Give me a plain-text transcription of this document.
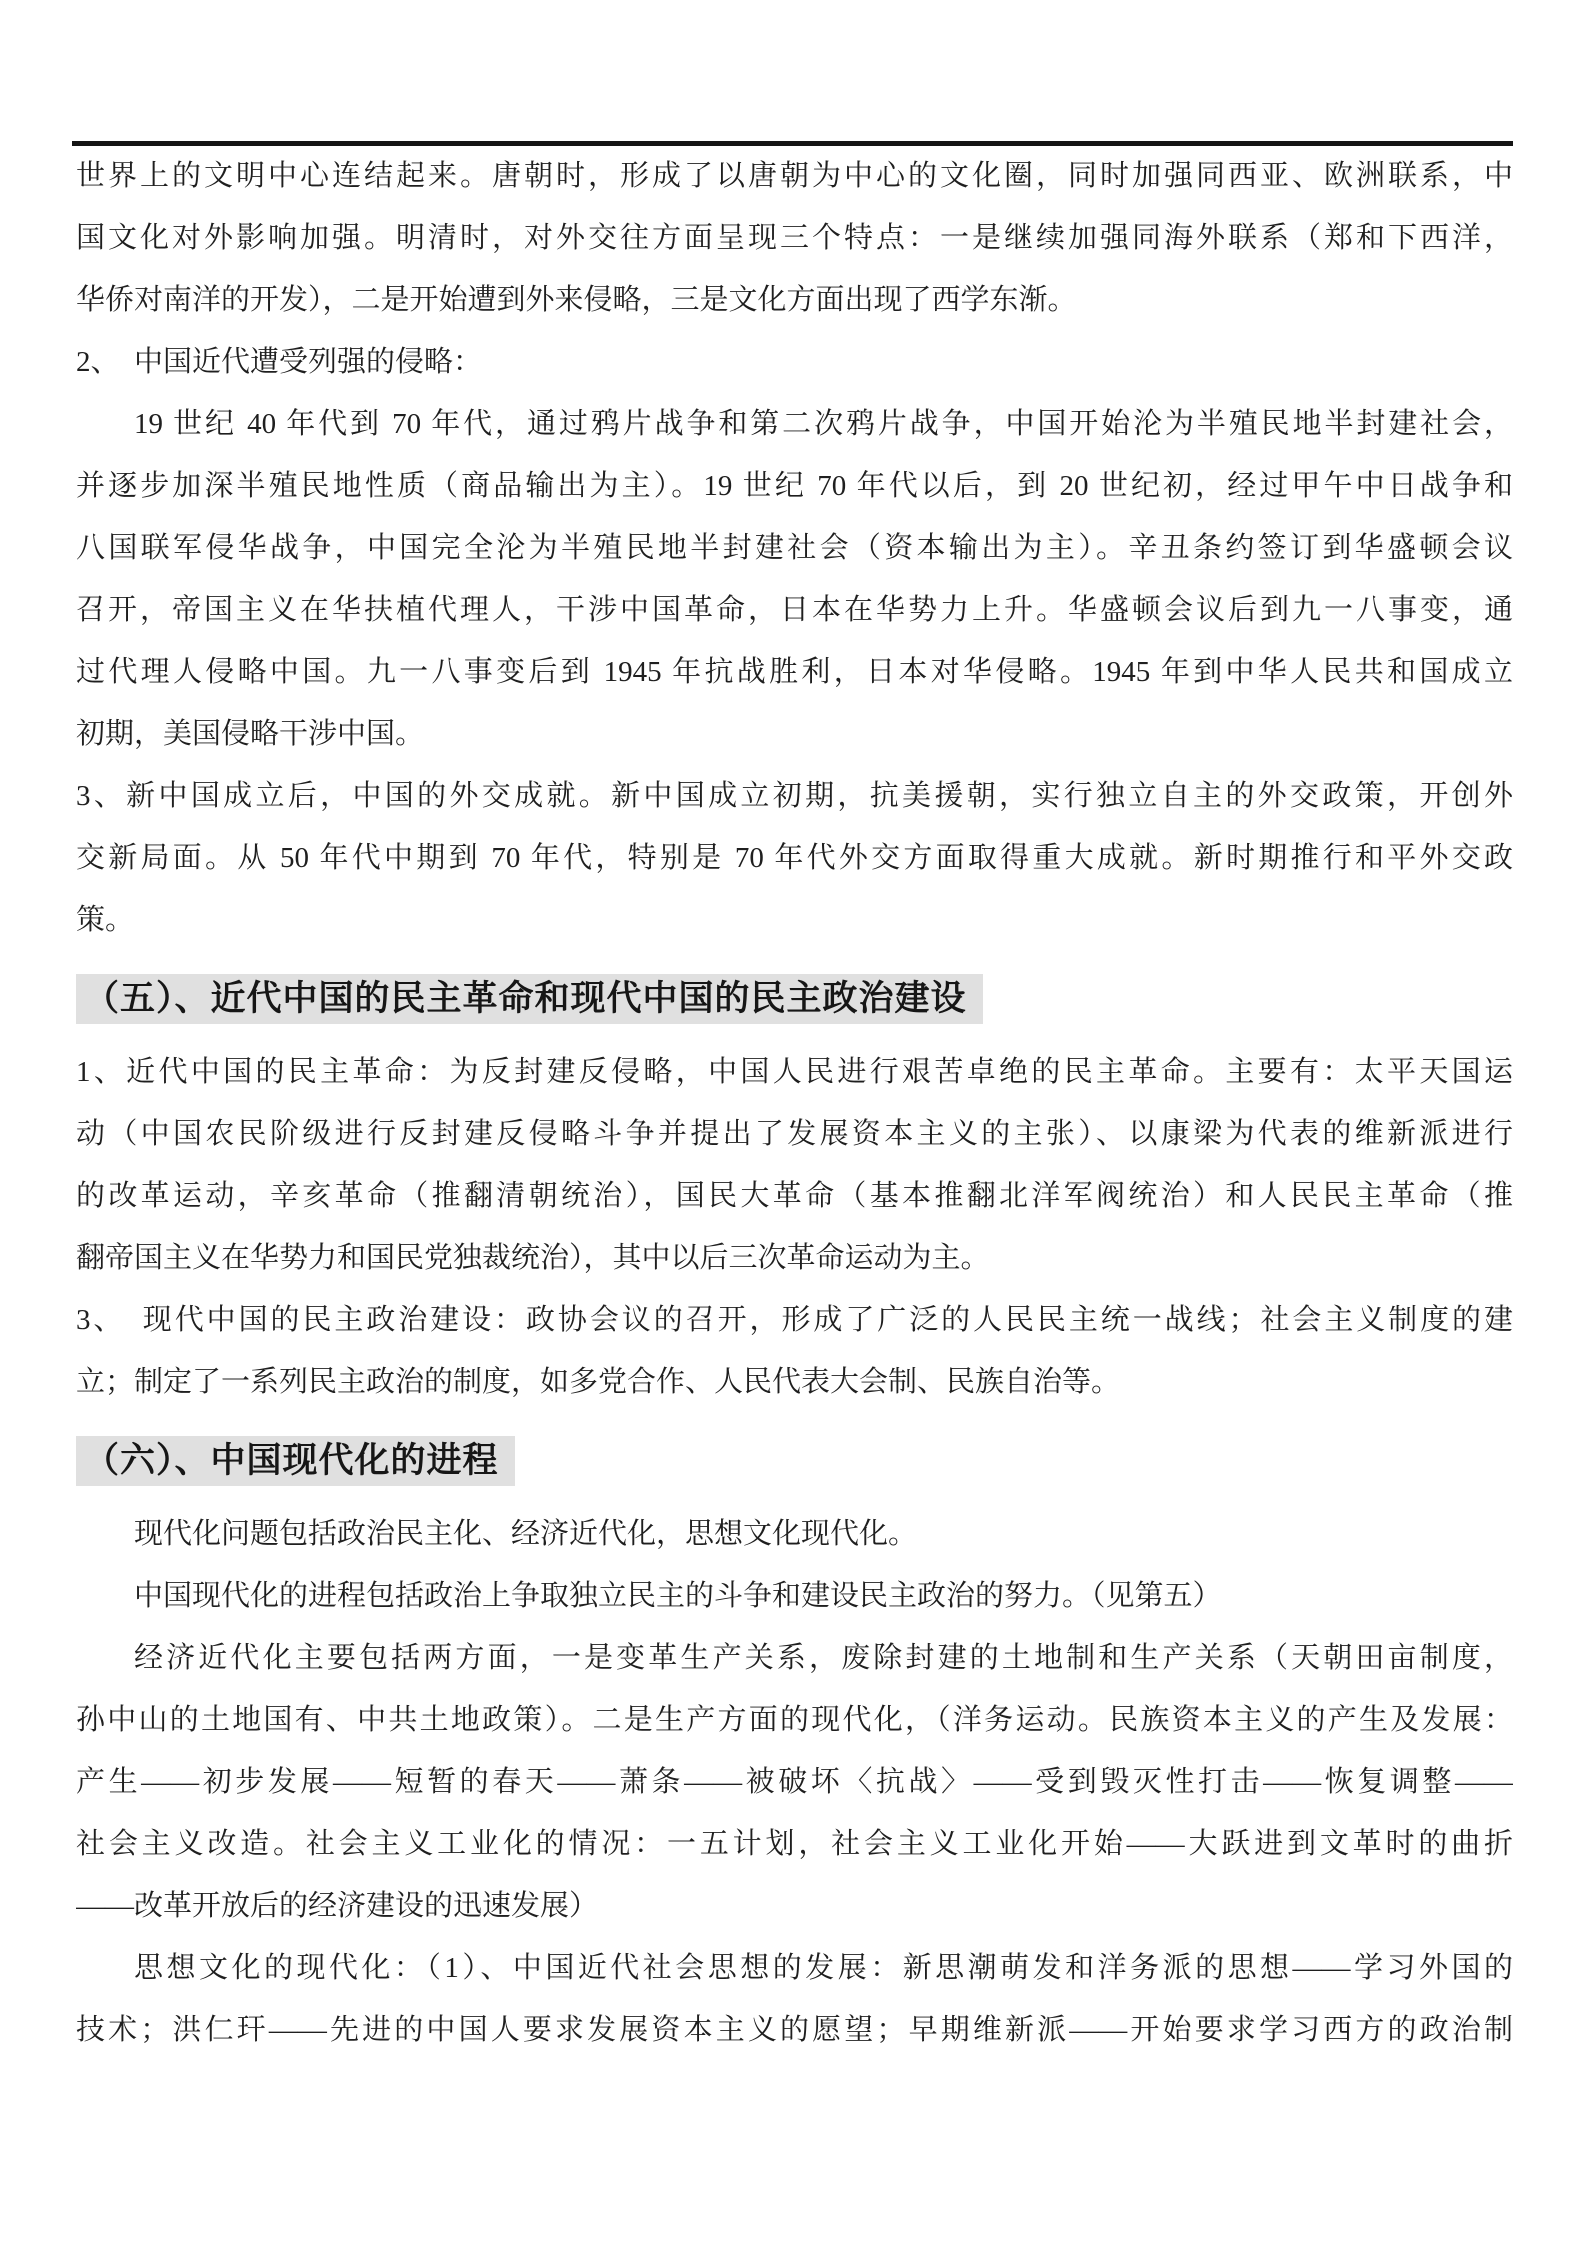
世界上的文明中心连结起来。唐朝时，形成了以唐朝为中心的文化圈，同时加强同西亚、欧洲联系，中
国文化对外影响加强。明清时，对外交往方面呈现三个特点：一是继续加强同海外联系（郑和下西洋，
华侨对南洋的开发），二是开始遭到外来侵略，三是文化方面出现了西学东渐。
2、　中国近代遭受列强的侵略：
19 世纪 40 年代到 70 年代，通过鸦片战争和第二次鸦片战争，中国开始沦为半殖民地半封建社会，
并逐步加深半殖民地性质（商品输出为主）。19 世纪 70 年代以后，到 20 世纪初，经过甲午中日战争和
八国联军侵华战争，中国完全沦为半殖民地半封建社会（资本输出为主）。辛丑条约签订到华盛顿会议
召开，帝国主义在华扶植代理人，干涉中国革命，日本在华势力上升。华盛顿会议后到九一八事变，通
过代理人侵略中国。九一八事变后到 1945 年抗战胜利，日本对华侵略。1945 年到中华人民共和国成立
初期，美国侵略干涉中国。
3、新中国成立后，中国的外交成就。新中国成立初期，抗美援朝，实行独立自主的外交政策，开创外
交新局面。从 50 年代中期到 70 年代，特别是 70 年代外交方面取得重大成就。新时期推行和平外交政
策。
（五）、近代中国的民主革命和现代中国的民主政治建设
1、近代中国的民主革命：为反封建反侵略，中国人民进行艰苦卓绝的民主革命。主要有：太平天国运
动（中国农民阶级进行反封建反侵略斗争并提出了发展资本主义的主张）、以康梁为代表的维新派进行
的改革运动，辛亥革命（推翻清朝统治），国民大革命（基本推翻北洋军阀统治）和人民民主革命（推
翻帝国主义在华势力和国民党独裁统治），其中以后三次革命运动为主。
3、　现代中国的民主政治建设：政协会议的召开，形成了广泛的人民民主统一战线；社会主义制度的建
立；制定了一系列民主政治的制度，如多党合作、人民代表大会制、民族自治等。
（六）、中国现代化的进程
现代化问题包括政治民主化、经济近代化，思想文化现代化。
中国现代化的进程包括政治上争取独立民主的斗争和建设民主政治的努力。（见第五）
经济近代化主要包括两方面，一是变革生产关系，废除封建的土地制和生产关系（天朝田亩制度，
孙中山的土地国有、中共土地政策）。二是生产方面的现代化，（洋务运动。民族资本主义的产生及发展：
产生——初步发展——短暂的春天——萧条——被破坏〈抗战〉——受到毁灭性打击——恢复调整——
社会主义改造。社会主义工业化的情况：一五计划，社会主义工业化开始——大跃进到文革时的曲折
——改革开放后的经济建设的迅速发展）
思想文化的现代化：（1）、中国近代社会思想的发展：新思潮萌发和洋务派的思想——学习外国的
技术；洪仁玕——先进的中国人要求发展资本主义的愿望；早期维新派——开始要求学习西方的政治制
